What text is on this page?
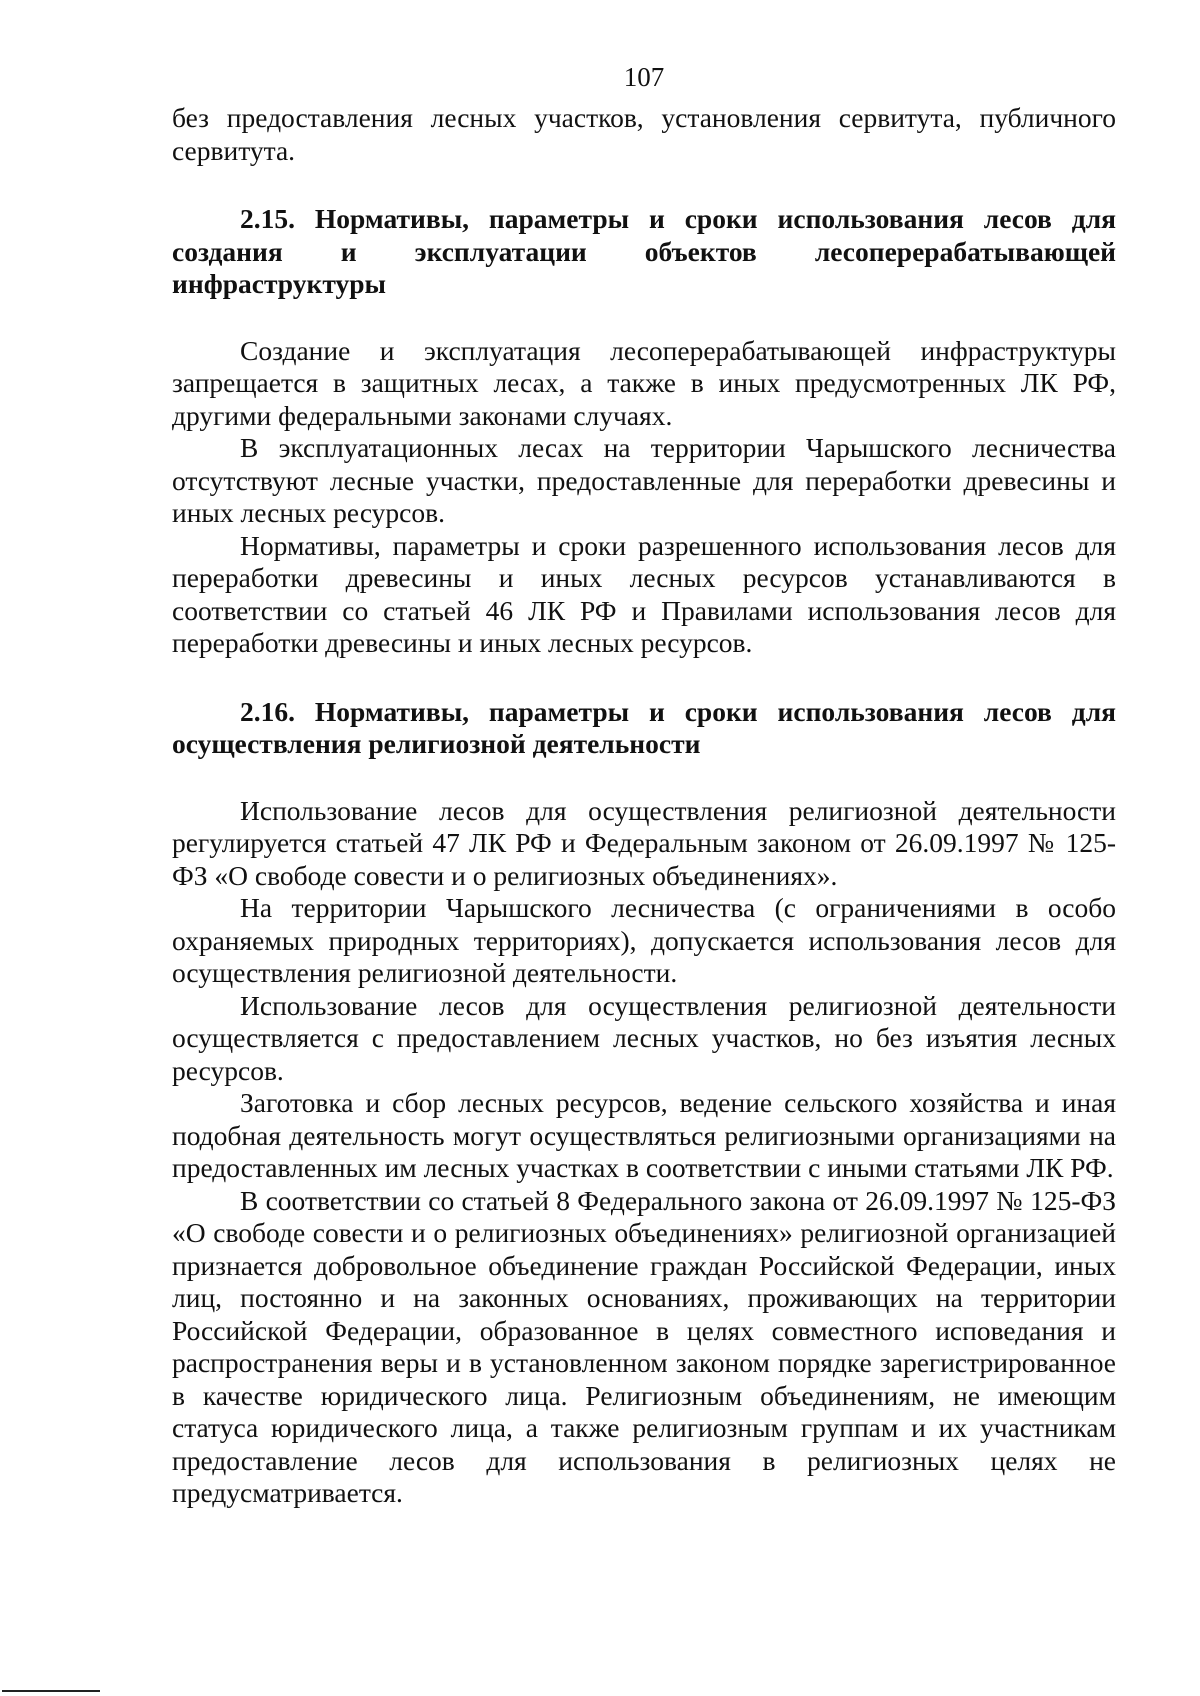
107

без предоставления лесных участков, установления сервитута, публичного сервитута.

2.15. Нормативы, параметры и сроки использования лесов для создания и эксплуатации объектов лесоперерабатывающей инфраструктуры

Создание и эксплуатация лесоперерабатывающей инфраструктуры запрещается в защитных лесах, а также в иных предусмотренных ЛК РФ, другими федеральными законами случаях.

В эксплуатационных лесах на территории Чарышского лесничества отсутствуют лесные участки, предоставленные для переработки древесины и иных лесных ресурсов.

Нормативы, параметры и сроки разрешенного использования лесов для переработки древесины и иных лесных ресурсов устанавливаются в соответствии со статьей 46 ЛК РФ и Правилами использования лесов для переработки древесины и иных лесных ресурсов.

2.16. Нормативы, параметры и сроки использования лесов для осуществления религиозной деятельности

Использование лесов для осуществления религиозной деятельности регулируется статьей 47 ЛК РФ и Федеральным законом от 26.09.1997 № 125-ФЗ «О свободе совести и о религиозных объединениях».

На территории Чарышского лесничества (с ограничениями в особо охраняемых природных территориях), допускается использования лесов для осуществления религиозной деятельности.

Использование лесов для осуществления религиозной деятельности осуществляется с предоставлением лесных участков, но без изъятия лесных ресурсов.

Заготовка и сбор лесных ресурсов, ведение сельского хозяйства и иная подобная деятельность могут осуществляться религиозными организациями на предоставленных им лесных участках в соответствии с иными статьями ЛК РФ.

В соответствии со статьей 8 Федерального закона от 26.09.1997 № 125-ФЗ «О свободе совести и о религиозных объединениях» религиозной организацией признается добровольное объединение граждан Российской Федерации, иных лиц, постоянно и на законных основаниях, проживающих на территории Российской Федерации, образованное в целях совместного исповедания и распространения веры и в установленном законом порядке зарегистрированное в качестве юридического лица. Религиозным объединениям, не имеющим статуса юридического лица, а также религиозным группам и их участникам предоставление лесов для использования в религиозных целях не предусматривается.
